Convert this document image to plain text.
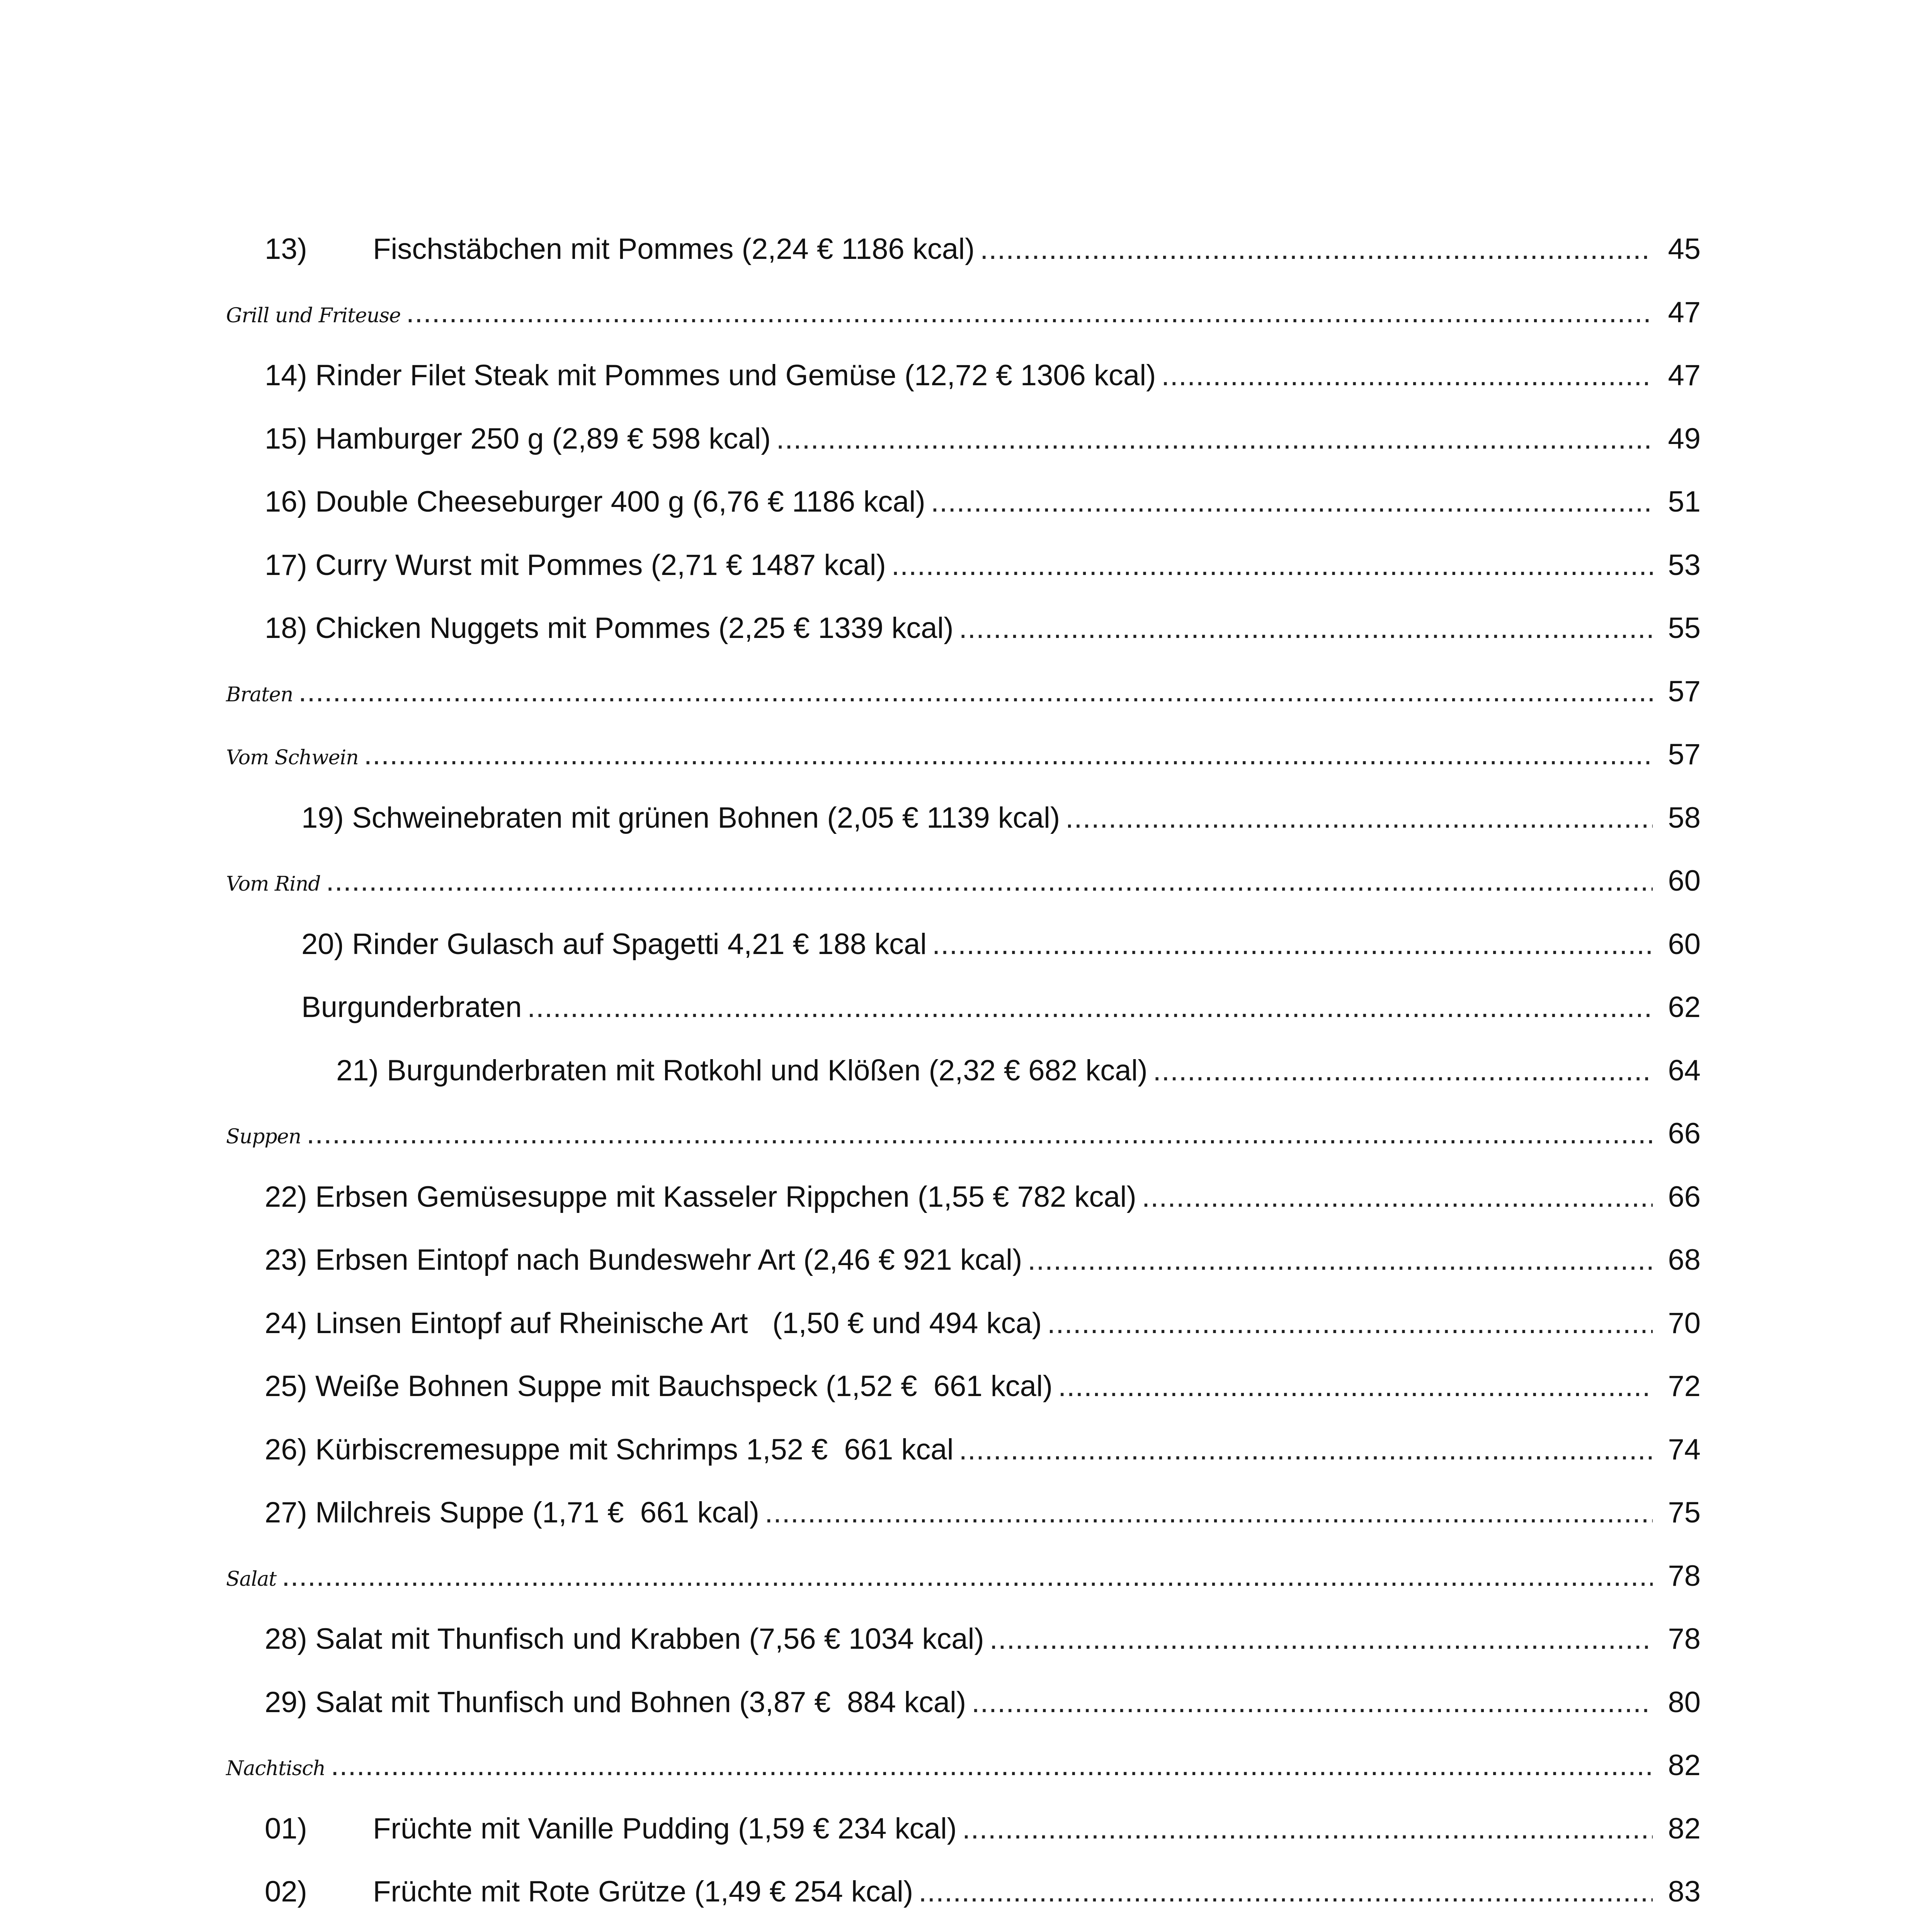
13) Fischstäbchen mit Pommes (2,24 € 1186 kcal) . . .	45
Grill und Friteuse . . .	47
14) Rinder Filet Steak mit Pommes und Gemüse (12,72 € 1306 kcal) . . .	47
15) Hamburger 250 g (2,89 € 598 kcal) . . .	49
16) Double Cheeseburger 400 g (6,76 € 1186 kcal) . . .	51
17) Curry Wurst mit Pommes (2,71 € 1487 kcal) . . .	53
18) Chicken Nuggets mit Pommes (2,25 € 1339 kcal) . . .	55
Braten . . .	57
Vom Schwein . . .	57
19) Schweinebraten mit grünen Bohnen (2,05 € 1139 kcal) . . .	58
Vom Rind . . .	60
20) Rinder Gulasch auf Spagetti 4,21 € 188 kcal . . .	60
Burgunderbraten . . .	62
21) Burgunderbraten mit Rotkohl und Klößen (2,32 € 682 kcal) . . .	64
Suppen . . .	66
22) Erbsen Gemüsesuppe mit Kasseler Rippchen (1,55 € 782 kcal) . . .	66
23) Erbsen Eintopf nach Bundeswehr Art (2,46 € 921 kcal) . . .	68
24) Linsen Eintopf auf Rheinische Art   (1,50 € und 494 kca) . . .	70
25) Weiße Bohnen Suppe mit Bauchspeck (1,52 €  661 kcal) . . .	72
26) Kürbiscremesuppe mit Schrimps 1,52 €  661 kcal . . .	74
27) Milchreis Suppe (1,71 €  661 kcal) . . .	75
Salat . . .	78
28) Salat mit Thunfisch und Krabben (7,56 € 1034 kcal) . . .	78
29) Salat mit Thunfisch und Bohnen (3,87 €  884 kcal) . . .	80
Nachtisch . . .	82
01) Früchte mit Vanille Pudding (1,59 € 234 kcal) . . .	82
02) Früchte mit Rote Grütze (1,49 € 254 kcal) . . .	83
. . .
